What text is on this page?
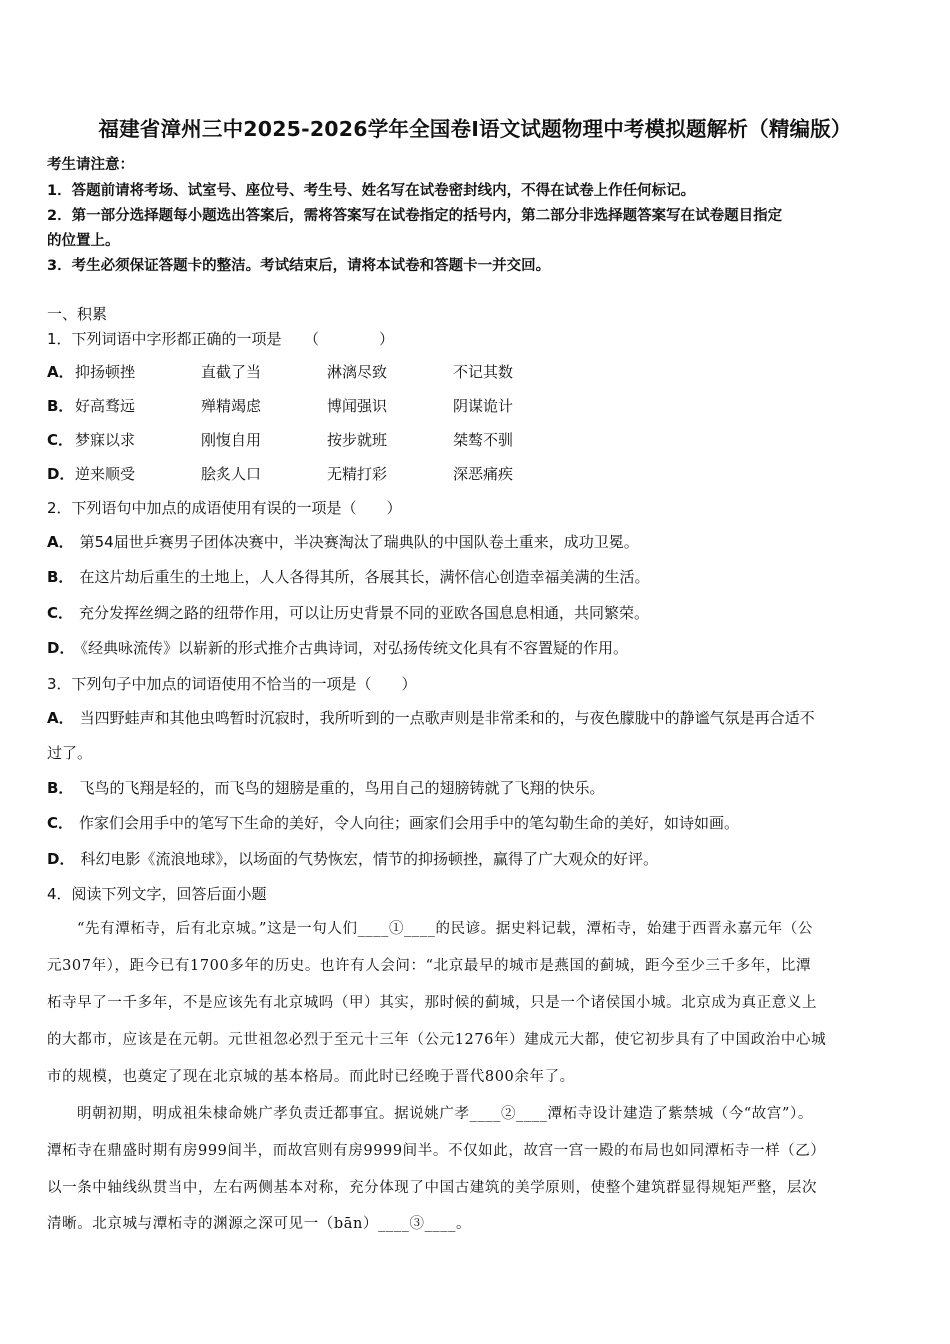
福建省漳州三中2025-2026学年全国卷Ⅰ语文试题物理中考模拟题解析（精编版）
考生请注意：
1．答题前请将考场、试室号、座位号、考生号、姓名写在试卷密封线内，不得在试卷上作任何标记。
2．第一部分选择题每小题选出答案后，需将答案写在试卷指定的括号内，第二部分非选择题答案写在试卷题目指定
的位置上。
3．考生必须保证答题卡的整洁。考试结束后，请将本试卷和答题卡一并交回。
一、积累
1．下列词语中字形都正确的一项是　　（　　　　）
A．抑扬顿挫	直截了当	淋漓尽致	不记其数
B． 好高骛远	殚精竭虑	博闻强识	阴谋诡计
C． 梦寐以求	刚愎自用	按步就班	桀骜不驯
D．逆来顺受	脍炙人口	无精打彩	深恶痛疾
2．下列语句中加点的成语使用有误的一项是（　　）
A． 第54届世乒赛男子团体决赛中，半决赛淘汰了瑞典队的中国队卷土重来，成功卫冕。
B． 在这片劫后重生的土地上，人人各得其所，各展其长，满怀信心创造幸福美满的生活。
C． 充分发挥丝绸之路的纽带作用，可以让历史背景不同的亚欧各国息息相通，共同繁荣。
D． 《经典咏流传》以崭新的形式推介古典诗词，对弘扬传统文化具有不容置疑的作用。
3．下列句子中加点的词语使用不恰当的一项是（　　）
A． 当四野蛙声和其他虫鸣暂时沉寂时，我所听到的一点歌声则是非常柔和的，与夜色朦胧中的静谧气氛是再合适不
过了。
B． 飞鸟的飞翔是轻的，而飞鸟的翅膀是重的，鸟用自己的翅膀铸就了飞翔的快乐。
C． 作家们会用手中的笔写下生命的美好，令人向往；画家们会用手中的笔勾勒生命的美好，如诗如画。
D． 科幻电影《流浪地球》，以场面的气势恢宏，情节的抑扬顿挫，赢得了广大观众的好评。
4．阅读下列文字，回答后面小题
“先有潭柘寺，后有北京城。”这是一句人们____①____的民谚。据史料记载，潭柘寺，始建于西晋永嘉元年（公
元307年），距今已有1700多年的历史。也许有人会问：“北京最早的城市是燕国的蓟城，距今至少三千多年，比潭
柘寺早了一千多年，不是应该先有北京城吗（甲）其实，那时候的蓟城，只是一个诸侯国小城。北京成为真正意义上
的大都市，应该是在元朝。元世祖忽必烈于至元十三年（公元1276年）建成元大都，使它初步具有了中国政治中心城
市的规模，也奠定了现在北京城的基本格局。而此时已经晚于晋代800余年了。
明朝初期，明成祖朱棣命姚广孝负责迁都事宜。据说姚广孝____②____潭柘寺设计建造了紫禁城（今“故宫”）。
潭柘寺在鼎盛时期有房999间半，而故宫则有房9999间半。不仅如此，故宫一宫一殿的布局也如同潭柘寺一样（乙）
以一条中轴线纵贯当中，左右两侧基本对称，充分体现了中国古建筑的美学原则，使整个建筑群显得规矩严整，层次
清晰。北京城与潭柘寺的渊源之深可见一（bān）____③____。
